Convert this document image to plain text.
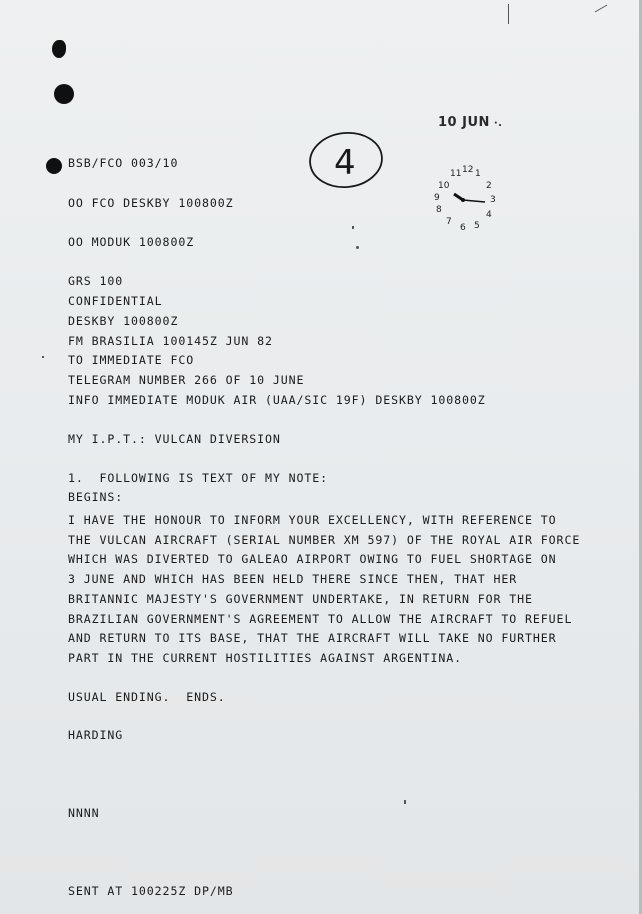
10 JUN ·.
4	11 12 1
2
3
4
5
6
7
8
9
10

BSB/FCO 003/10

OO FCO DESKBY 100800Z

OO MODUK 100800Z

GRS 100

CONFIDENTIAL

DESKBY 100800Z

FM BRASILIA 100145Z JUN 82

TO IMMEDIATE FCO

TELEGRAM NUMBER 266 OF 10 JUNE

INFO IMMEDIATE MODUK AIR (UAA/SIC 19F) DESKBY 100800Z

MY I.P.T.: VULCAN DIVERSION

1.  FOLLOWING IS TEXT OF MY NOTE:

BEGINS:

I HAVE THE HONOUR TO INFORM YOUR EXCELLENCY, WITH REFERENCE TO

THE VULCAN AIRCRAFT (SERIAL NUMBER XM 597) OF THE ROYAL AIR FORCE

WHICH WAS DIVERTED TO GALEAO AIRPORT OWING TO FUEL SHORTAGE ON

3 JUNE AND WHICH HAS BEEN HELD THERE SINCE THEN, THAT HER

BRITANNIC MAJESTY'S GOVERNMENT UNDERTAKE, IN RETURN FOR THE

BRAZILIAN GOVERNMENT'S AGREEMENT TO ALLOW THE AIRCRAFT TO REFUEL

AND RETURN TO ITS BASE, THAT THE AIRCRAFT WILL TAKE NO FURTHER

PART IN THE CURRENT HOSTILITIES AGAINST ARGENTINA.

USUAL ENDING.  ENDS.

HARDING

NNNN

SENT AT 100225Z DP/MB
